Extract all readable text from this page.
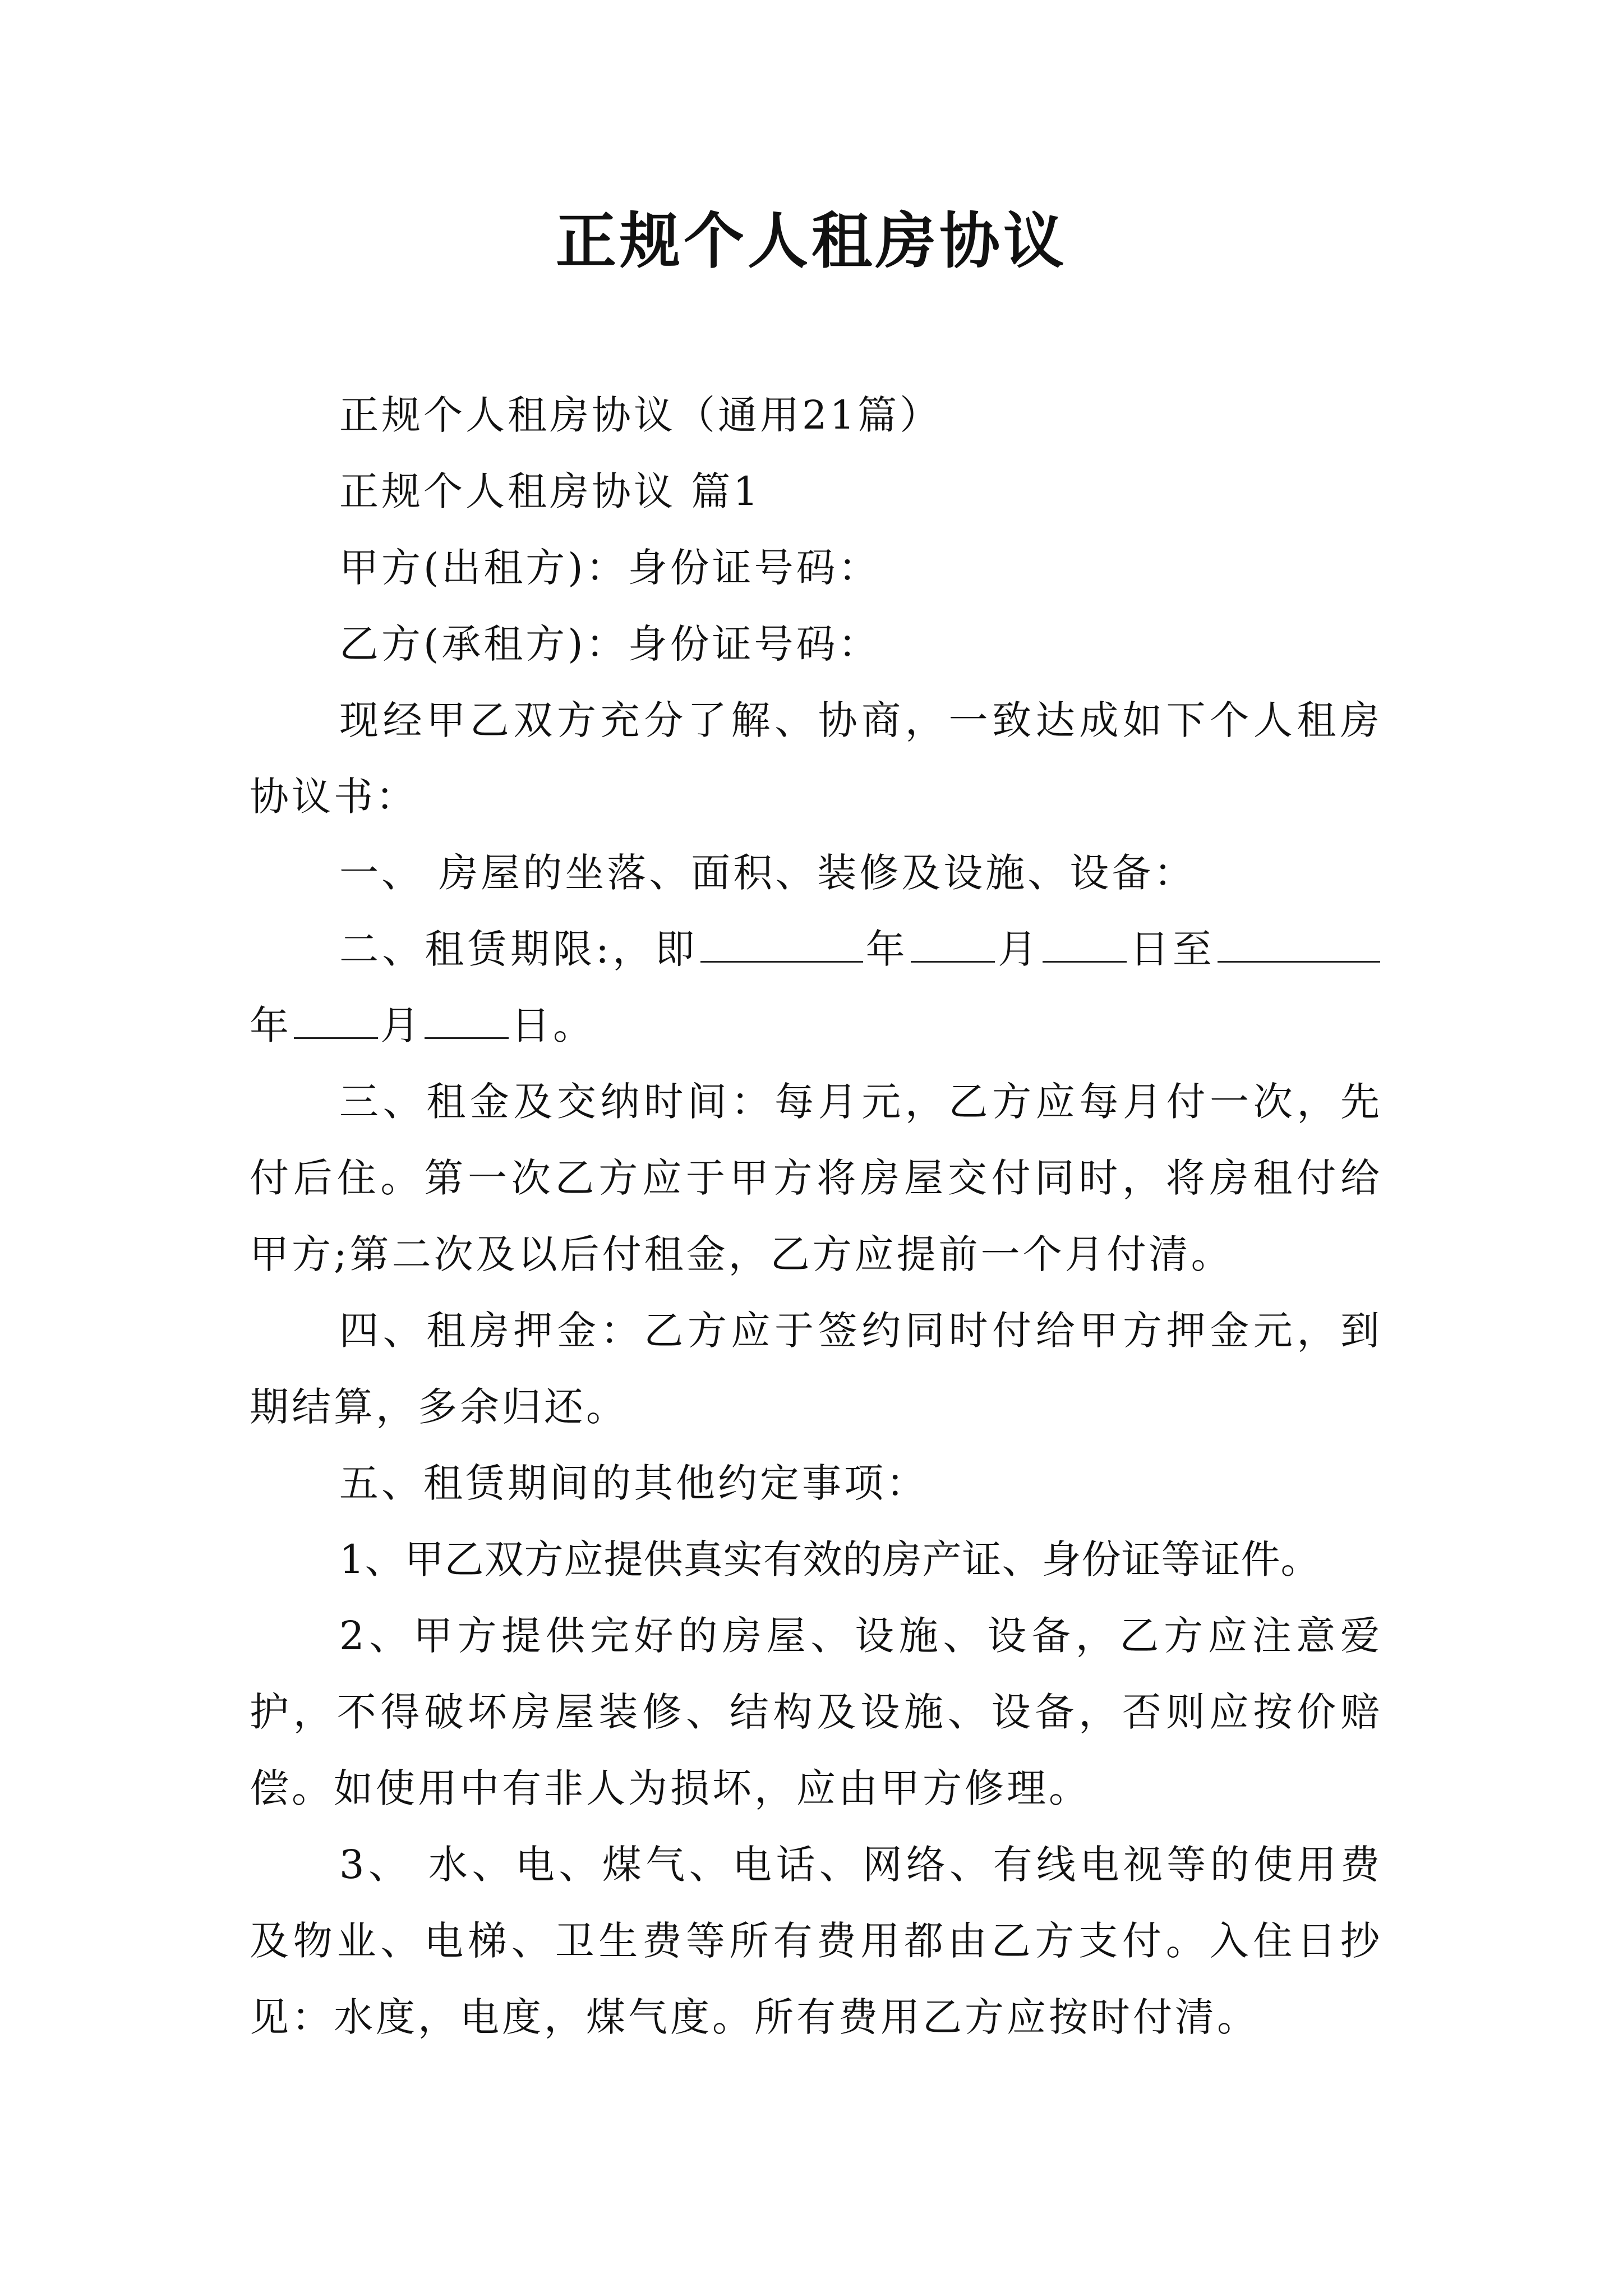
正规个人租房协议

正规个人租房协议（通用21篇）

正规个人租房协议 篇1

甲方(出租方)：身份证号码：

乙方(承租方)：身份证号码：

现经甲乙双方充分了解、协商，一致达成如下个人租房协议书：

一、 房屋的坐落、面积、装修及设施、设备：

二、租赁期限:，即	年 月 日至年 月 日。

三、租金及交纳时间：每月元，乙方应每月付一次，先付后住。第一次乙方应于甲方将房屋交付同时，将房租付给甲方;第二次及以后付租金，乙方应提前一个月付清。

四、租房押金：乙方应于签约同时付给甲方押金元，到期结算，多余归还。

五、租赁期间的其他约定事项：

1、甲乙双方应提供真实有效的房产证、身份证等证件。

2、甲方提供完好的房屋、设施、设备，乙方应注意爱护，不得破坏房屋装修、结构及设施、设备，否则应按价赔偿。如使用中有非人为损坏，应由甲方修理。

3、 水、电、煤气、电话、网络、有线电视等的使用费及物业、电梯、卫生费等所有费用都由乙方支付。入住日抄见：水度，电度，煤气度。所有费用乙方应按时付清。
